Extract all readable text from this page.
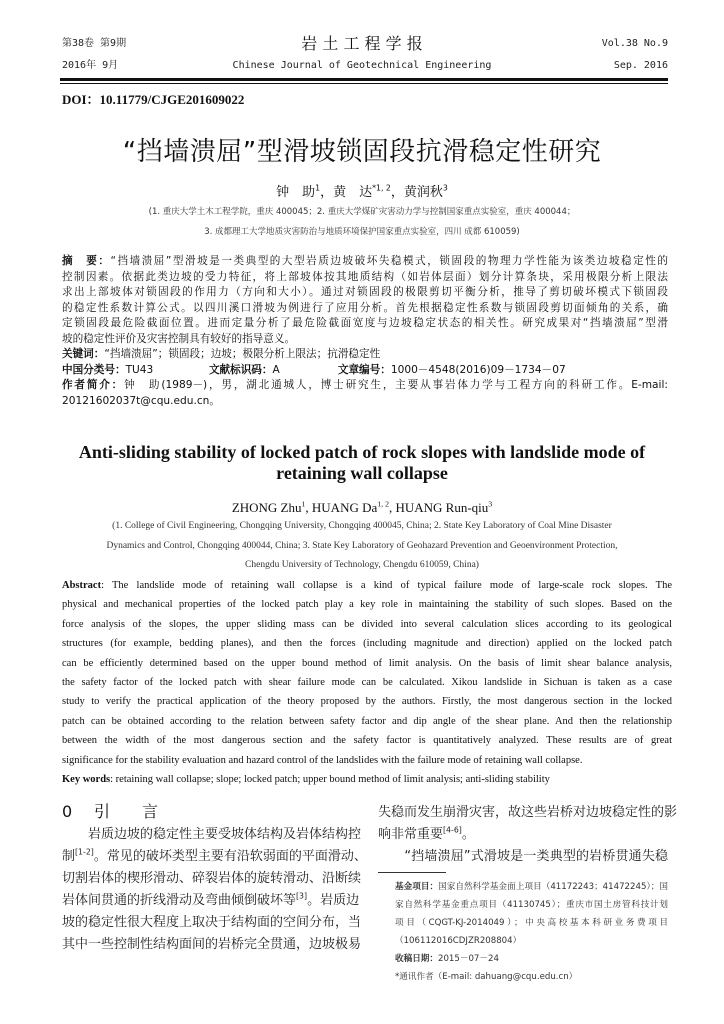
第38卷 第9期
2016年 9月
岩 土 工 程 学 报
Chinese Journal of Geotechnical Engineering
Vol.38 No.9
Sep. 2016
DOI：10.11779/CJGE201609022
“挡墙溃屈”型滑坡锁固段抗滑稳定性研究
钟　助$^1$，黄　达$^{*1, 2}$，黄润秋$^3$
(1. 重庆大学土木工程学院，重庆 400045；2. 重庆大学煤矿灾害动力学与控制国家重点实验室，重庆 400044；
3. 成都理工大学地质灾害防治与地质环境保护国家重点实验室，四川 成都 610059)
摘　要：“挡墙溃屈”型滑坡是一类典型的大型岩质边坡破坏失稳模式，锁固段的物理力学性能为该类边坡稳定性的
控制因素。依据此类边坡的受力特征，将上部坡体按其地质结构（如岩体层面）划分计算条块，采用极限分析上限法
求出上部坡体对锁固段的作用力（方向和大小）。通过对锁固段的极限剪切平衡分析，推导了剪切破坏模式下锁固段
的稳定性系数计算公式。以四川溪口滑坡为例进行了应用分析。首先根据稳定性系数与锁固段剪切面倾角的关系，确
定锁固段最危险截面位置。进而定量分析了最危险截面宽度与边坡稳定状态的相关性。研究成果对“挡墙溃屈”型滑
坡的稳定性评价及灾害控制具有较好的指导意义。
关键词：“挡墙溃屈”；锁固段；边坡；极限分析上限法；抗滑稳定性
中国分类号：TU43	文献标识码：A	文章编号：1000－4548(2016)09－1734－07
作者简介：钟　助(1989－)，男，湖北通城人，博士研究生，主要从事岩体力学与工程方向的科研工作。E-mail:
20121602037t@cqu.edu.cn。
Anti-sliding stability of locked patch of rock slopes with landslide mode of
retaining wall collapse
ZHONG Zhu$^1$, HUANG Da$^{1, 2}$, HUANG Run-qiu$^3$
(1. College of Civil Engineering, Chongqing University, Chongqing 400045, China; 2. State Key Laboratory of Coal Mine Disaster
Dynamics and Control, Chongqing 400044, China; 3. State Key Laboratory of Geohazard Prevention and Geoenvironment Protection,
Chengdu University of Technology, Chengdu 610059, China)
Abstract: The landslide mode of retaining wall collapse is a kind of typical failure mode of large-scale rock slopes. The
physical and mechanical properties of the locked patch play a key role in maintaining the stability of such slopes. Based on the
force analysis of the slopes, the upper sliding mass can be divided into several calculation slices according to its geological
structures (for example, bedding planes), and then the forces (including magnitude and direction) applied on the locked patch
can be efficiently determined based on the upper bound method of limit analysis. On the basis of limit shear balance analysis,
the safety factor of the locked patch with shear failure mode can be calculated. Xikou landslide in Sichuan is taken as a case
study to verify the practical application of the theory proposed by the authors. Firstly, the most dangerous section in the locked
patch can be obtained according to the relation between safety factor and dip angle of the shear plane. And then the relationship
between the width of the most dangerous section and the safety factor is quantitatively analyzed. These results are of great
significance for the stability evaluation and hazard control of the landslides with the failure mode of retaining wall collapse.
Key words: retaining wall collapse; slope; locked patch; upper bound method of limit analysis; anti-sliding stability
0 引　　言
　　岩质边坡的稳定性主要受坡体结构及岩体结构控
制[1-2]。常见的破坏类型主要有沿软弱面的平面滑动、
切割岩体的楔形滑动、碎裂岩体的旋转滑动、沿断续
岩体间贯通的折线滑动及弯曲倾倒破坏等[3]。岩质边
坡的稳定性很大程度上取决于结构面的空间分布，当
其中一些控制性结构面间的岩桥完全贯通，边坡极易
失稳而发生崩滑灾害，故这些岩桥对边坡稳定性的影
响非常重要[4-6]。
　　“挡墙溃屈”式滑坡是一类典型的岩桥贯通失稳
基金项目：国家自然科学基金面上项目（41172243；41472245）；国
家自然科学基金重点项目（41130745）；重庆市国土房管科技计划
项目（CQGT-KJ-2014049）；中央高校基本科研业务费项目
（106112016CDJZR208804）
收稿日期：2015－07－24
*通讯作者（E-mail: dahuang@cqu.edu.cn）
